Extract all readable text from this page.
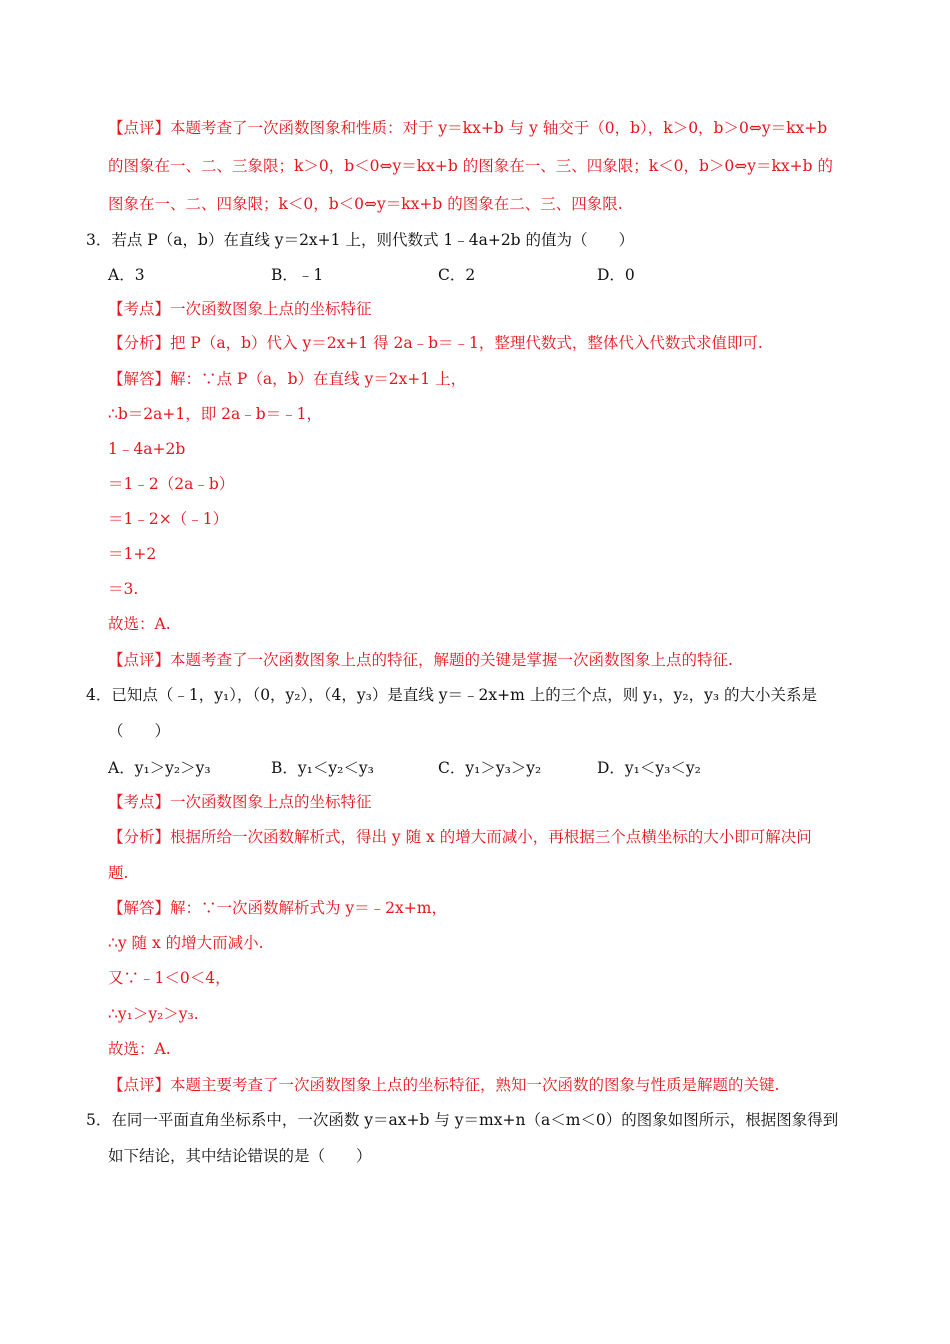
【点评】本题考查了一次函数图象和性质：对于 y＝kx+b 与 y 轴交于（0，b），k＞0，b＞0⇔y＝kx+b
的图象在一、二、三象限；k＞0，b＜0⇔y＝kx+b 的图象在一、三、四象限；k＜0，b＞0⇔y＝kx+b 的
图象在一、二、四象限；k＜0，b＜0⇔y＝kx+b 的图象在二、三、四象限.
3．若点 P（a，b）在直线 y＝2x+1 上，则代数式 1﹣4a+2b 的值为（　　）
A．3	B．﹣1	C．2	D．0
【考点】一次函数图象上点的坐标特征
【分析】把 P（a，b）代入 y＝2x+1 得 2a﹣b＝﹣1，整理代数式，整体代入代数式求值即可.
【解答】解：∵点 P（a，b）在直线 y＝2x+1 上，
∴b＝2a+1，即 2a﹣b＝﹣1，
1﹣4a+2b
＝1﹣2（2a﹣b）
＝1﹣2×（﹣1）
＝1+2
＝3.
故选：A.
【点评】本题考查了一次函数图象上点的特征，解题的关键是掌握一次函数图象上点的特征.
4．已知点（﹣1，y₁），（0，y₂），（4，y₃）是直线 y＝﹣2x+m 上的三个点，则 y₁，y₂，y₃ 的大小关系是
（　　）
A．y₁＞y₂＞y₃	B．y₁＜y₂＜y₃	C．y₁＞y₃＞y₂	D．y₁＜y₃＜y₂
【考点】一次函数图象上点的坐标特征
【分析】根据所给一次函数解析式，得出 y 随 x 的增大而减小，再根据三个点横坐标的大小即可解决问
题.
【解答】解：∵一次函数解析式为 y＝﹣2x+m，
∴y 随 x 的增大而减小.
又∵﹣1＜0＜4，
∴y₁＞y₂＞y₃.
故选：A.
【点评】本题主要考查了一次函数图象上点的坐标特征，熟知一次函数的图象与性质是解题的关键.
5．在同一平面直角坐标系中，一次函数 y＝ax+b 与 y＝mx+n（a＜m＜0）的图象如图所示，根据图象得到
如下结论，其中结论错误的是（　　）
